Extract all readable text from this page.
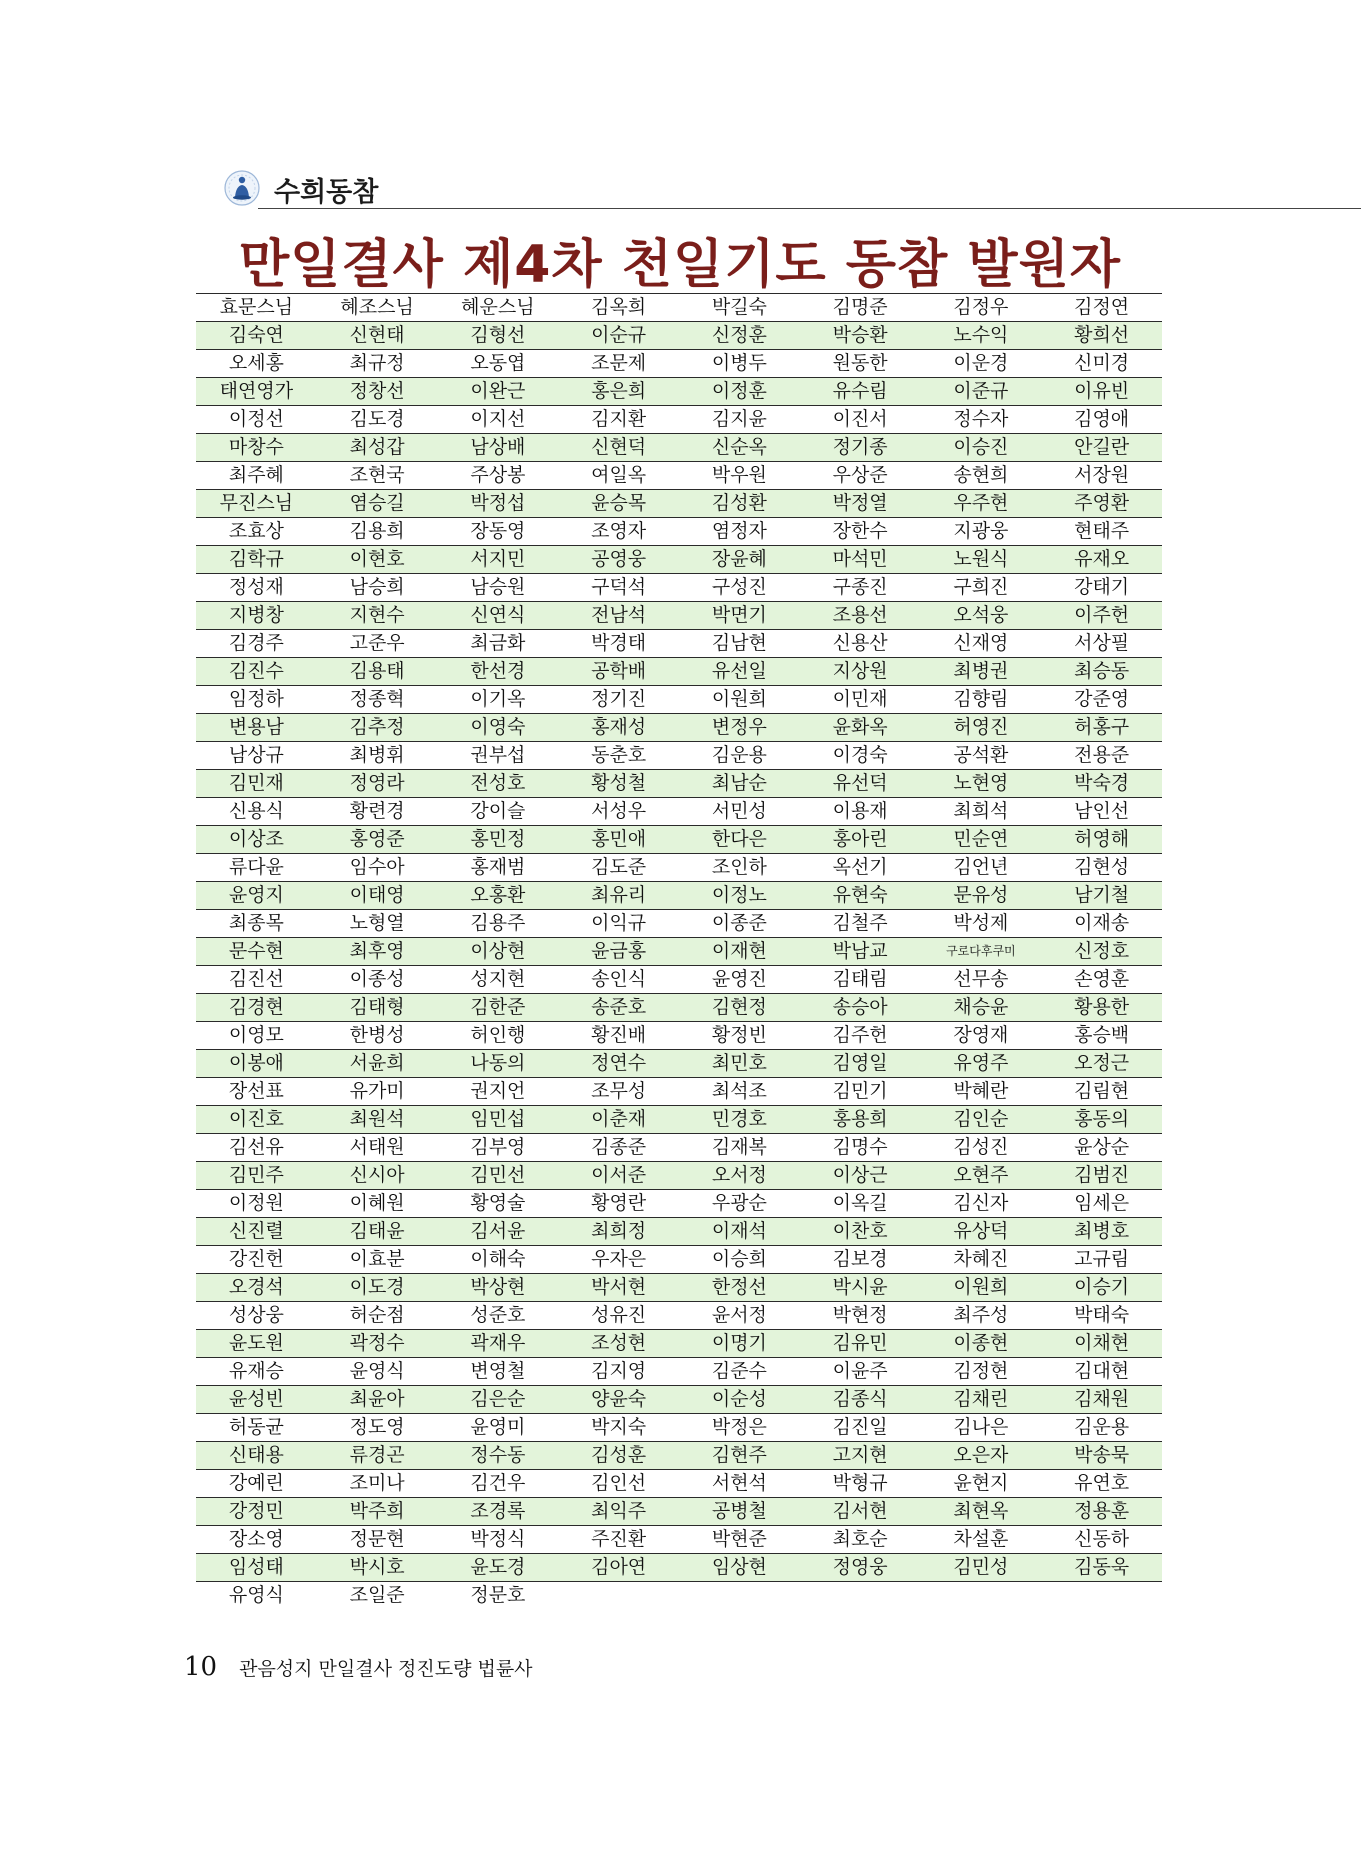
수희동참
만일결사 제4차 천일기도 동참 발원자
효문스님	혜조스님	혜운스님	김옥희	박길숙	김명준	김정우	김정연
김숙연	신현태	김형선	이순규	신정훈	박승환	노수익	황희선
오세홍	최규정	오동엽	조문제	이병두	원동한	이운경	신미경
태연영가	정창선	이완근	홍은희	이정훈	유수림	이준규	이유빈
이정선	김도경	이지선	김지환	김지윤	이진서	정수자	김영애
마창수	최성갑	남상배	신현덕	신순옥	정기종	이승진	안길란
최주혜	조현국	주상봉	여일옥	박우원	우상준	송현희	서장원
무진스님	염승길	박정섭	윤승목	김성환	박정열	우주현	주영환
조효상	김용희	장동영	조영자	염정자	장한수	지광웅	현태주
김학규	이현호	서지민	공영웅	장윤혜	마석민	노원식	유재오
정성재	남승희	남승원	구덕석	구성진	구종진	구희진	강태기
지병창	지현수	신연식	전남석	박면기	조용선	오석웅	이주헌
김경주	고준우	최금화	박경태	김남현	신용산	신재영	서상필
김진수	김용태	한선경	공학배	유선일	지상원	최병권	최승동
임정하	정종혁	이기옥	정기진	이원희	이민재	김향림	강준영
변용남	김추정	이영숙	홍재성	변정우	윤화옥	허영진	허홍구
남상규	최병휘	권부섭	동춘호	김운용	이경숙	공석환	전용준
김민재	정영라	전성호	황성철	최남순	유선덕	노현영	박숙경
신용식	황련경	강이슬	서성우	서민성	이용재	최희석	남인선
이상조	홍영준	홍민정	홍민애	한다은	홍아린	민순연	허영해
류다윤	임수아	홍재범	김도준	조인하	옥선기	김언년	김현성
윤영지	이태영	오홍환	최유리	이정노	유현숙	문유성	남기철
최종목	노형열	김용주	이익규	이종준	김철주	박성제	이재송
문수현	최후영	이상현	윤금홍	이재현	박남교	구로다후쿠미	신정호
김진선	이종성	성지현	송인식	윤영진	김태림	선무송	손영훈
김경현	김태형	김한준	송준호	김현정	송승아	채승윤	황용한
이영모	한병성	허인행	황진배	황정빈	김주헌	장영재	홍승백
이봉애	서윤희	나동의	정연수	최민호	김영일	유영주	오정근
장선표	유가미	권지언	조무성	최석조	김민기	박혜란	김림현
이진호	최원석	임민섭	이춘재	민경호	홍용희	김인순	홍동의
김선유	서태원	김부영	김종준	김재복	김명수	김성진	윤상순
김민주	신시아	김민선	이서준	오서정	이상근	오현주	김범진
이정원	이혜원	황영술	황영란	우광순	이옥길	김신자	임세은
신진렬	김태윤	김서윤	최희정	이재석	이찬호	유상덕	최병호
강진헌	이효분	이해숙	우자은	이승희	김보경	차혜진	고규림
오경석	이도경	박상현	박서현	한정선	박시윤	이원희	이승기
성상웅	허순점	성준호	성유진	윤서정	박현정	최주성	박태숙
윤도원	곽정수	곽재우	조성현	이명기	김유민	이종현	이채현
유재승	윤영식	변영철	김지영	김준수	이윤주	김정현	김대현
윤성빈	최윤아	김은순	양윤숙	이순성	김종식	김채린	김채원
허동균	정도영	윤영미	박지숙	박정은	김진일	김나은	김운용
신태용	류경곤	정수동	김성훈	김현주	고지현	오은자	박송묵
강예린	조미나	김건우	김인선	서현석	박형규	윤현지	유연호
강정민	박주희	조경록	최익주	공병철	김서현	최현옥	정용훈
장소영	정문현	박정식	주진환	박현준	최호순	차설훈	신동하
임성태	박시호	윤도경	김아연	임상현	정영웅	김민성	김동욱
유영식	조일준	정문호					
10 관음성지 만일결사 정진도량 법륜사
